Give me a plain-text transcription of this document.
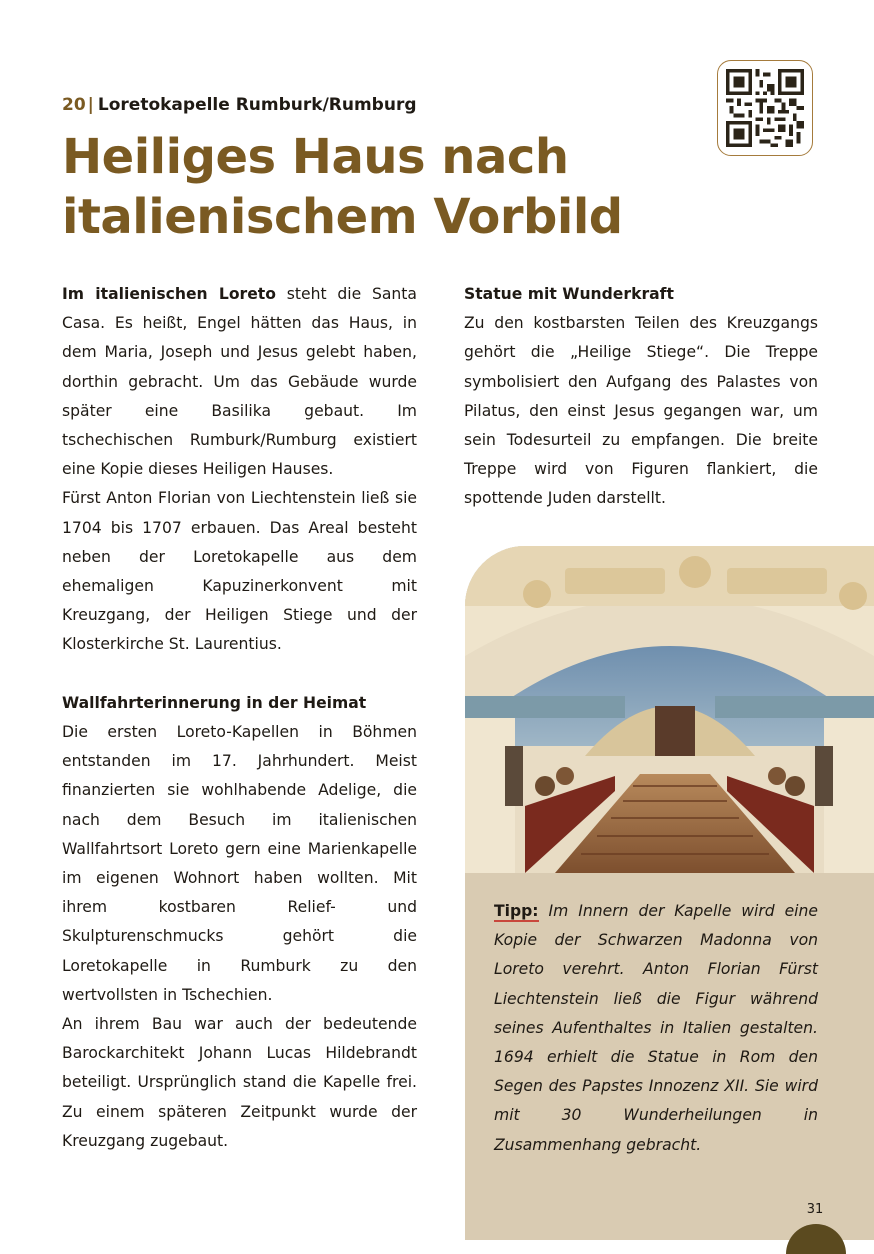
20 | Loretokapelle Rumburk/Rumburg

Heiliges Haus nach
italienischem Vorbild

Im italienischen Loreto steht die Santa Casa. Es heißt, Engel hätten das Haus, in dem Maria, Joseph und Jesus gelebt haben, dorthin gebracht. Um das Gebäude wurde später eine Basilika gebaut. Im tschechischen Rumburk/Rumburg existiert eine Kopie dieses Heiligen Hauses.

Fürst Anton Florian von Liechtenstein ließ sie 1704 bis 1707 erbauen. Das Areal besteht neben der Loretokapelle aus dem ehemaligen Kapuzinerkonvent mit Kreuzgang, der Heiligen Stiege und der Klosterkirche St. Laurentius.

Wallfahrterinnerung in der Heimat

Die ersten Loreto-Kapellen in Böhmen entstanden im 17. Jahrhundert. Meist finanzierten sie wohlhabende Adelige, die nach dem Besuch im italienischen Wallfahrtsort Loreto gern eine Marienkapelle im eigenen Wohnort haben wollten. Mit ihrem kostbaren Relief- und Skulpturenschmucks gehört die Loretokapelle in Rumburk zu den wertvollsten in Tschechien.

An ihrem Bau war auch der bedeutende Barockarchitekt Johann Lucas Hildebrandt beteiligt. Ursprünglich stand die Kapelle frei. Zu einem späteren Zeitpunkt wurde der Kreuzgang zugebaut.

Statue mit Wunderkraft

Zu den kostbarsten Teilen des Kreuzgangs gehört die „Heilige Stiege“. Die Treppe symbolisiert den Aufgang des Palastes von Pilatus, den einst Jesus gegangen war, um sein Todesurteil zu empfangen. Die breite Treppe wird von Figuren flankiert, die spottende Juden darstellt.

Tipp: Im Innern der Kapelle wird eine Kopie der Schwarzen Madonna von Loreto verehrt. Anton Florian Fürst Liechtenstein ließ die Figur während seines Aufenthaltes in Italien gestalten. 1694 erhielt die Statue in Rom den Segen des Papstes Innozenz XII. Sie wird mit 30 Wunderheilungen in Zusammenhang gebracht.

31
